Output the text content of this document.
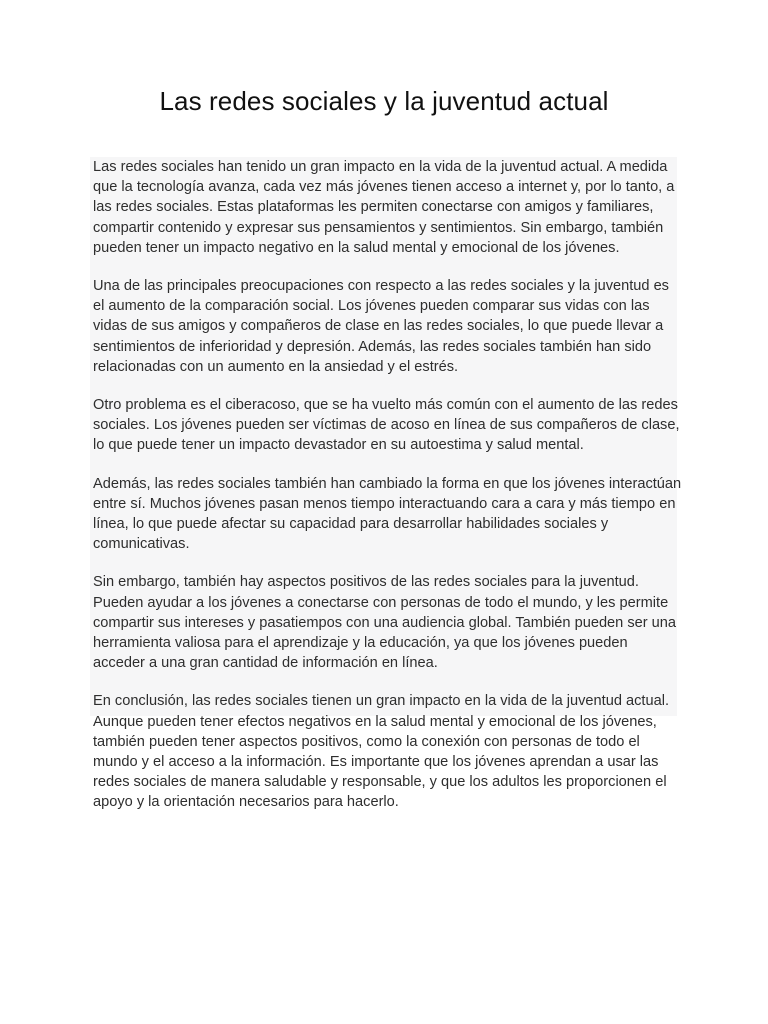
Las redes sociales y la juventud actual

Las redes sociales han tenido un gran impacto en la vida de la juventud actual. A medida que la tecnología avanza, cada vez más jóvenes tienen acceso a internet y, por lo tanto, a las redes sociales. Estas plataformas les permiten conectarse con amigos y familiares, compartir contenido y expresar sus pensamientos y sentimientos. Sin embargo, también pueden tener un impacto negativo en la salud mental y emocional de los jóvenes.

Una de las principales preocupaciones con respecto a las redes sociales y la juventud es el aumento de la comparación social. Los jóvenes pueden comparar sus vidas con las vidas de sus amigos y compañeros de clase en las redes sociales, lo que puede llevar a sentimientos de inferioridad y depresión. Además, las redes sociales también han sido relacionadas con un aumento en la ansiedad y el estrés.

Otro problema es el ciberacoso, que se ha vuelto más común con el aumento de las redes sociales. Los jóvenes pueden ser víctimas de acoso en línea de sus compañeros de clase, lo que puede tener un impacto devastador en su autoestima y salud mental.

Además, las redes sociales también han cambiado la forma en que los jóvenes interactúan entre sí. Muchos jóvenes pasan menos tiempo interactuando cara a cara y más tiempo en línea, lo que puede afectar su capacidad para desarrollar habilidades sociales y comunicativas.

Sin embargo, también hay aspectos positivos de las redes sociales para la juventud. Pueden ayudar a los jóvenes a conectarse con personas de todo el mundo, y les permite compartir sus intereses y pasatiempos con una audiencia global. También pueden ser una herramienta valiosa para el aprendizaje y la educación, ya que los jóvenes pueden acceder a una gran cantidad de información en línea.

En conclusión, las redes sociales tienen un gran impacto en la vida de la juventud actual. Aunque pueden tener efectos negativos en la salud mental y emocional de los jóvenes, también pueden tener aspectos positivos, como la conexión con personas de todo el mundo y el acceso a la información. Es importante que los jóvenes aprendan a usar las redes sociales de manera saludable y responsable, y que los adultos les proporcionen el apoyo y la orientación necesarios para hacerlo.
